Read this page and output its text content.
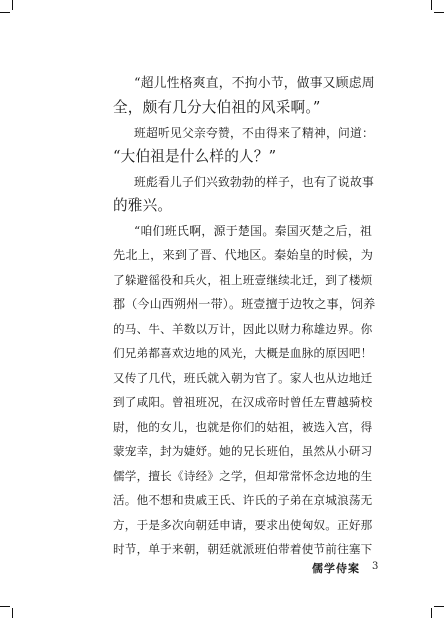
“超儿性格爽直，不拘小节，做事又顾虑周
全，颇有几分大伯祖的风采啊。”
班超听见父亲夸赞，不由得来了精神，问道：
“大伯祖是什么样的人？”
班彪看儿子们兴致勃勃的样子，也有了说故事
的雅兴。
“咱们班氏啊，源于楚国。秦国灭楚之后，祖
先北上，来到了晋、代地区。秦始皇的时候，为
了躲避徭役和兵火，祖上班壹继续北迁，到了楼烦
郡（今山西朔州一带）。班壹擅于边牧之事，饲养
的马、牛、羊数以万计，因此以财力称雄边界。你
们兄弟都喜欢边地的风光，大概是血脉的原因吧！
又传了几代，班氏就入朝为官了。家人也从边地迁
到了咸阳。曾祖班况，在汉成帝时曾任左曹越骑校
尉，他的女儿，也就是你们的姑祖，被选入宫，得
蒙宠幸，封为婕妤。她的兄长班伯，虽然从小研习
儒学，擅长《诗经》之学，但却常常怀念边地的生
活。他不想和贵戚王氏、许氏的子弟在京城浪荡无
方，于是多次向朝廷申请，要求出使匈奴。正好那
时节，单于来朝，朝廷就派班伯带着使节前往塞下
儒学侍案 3
